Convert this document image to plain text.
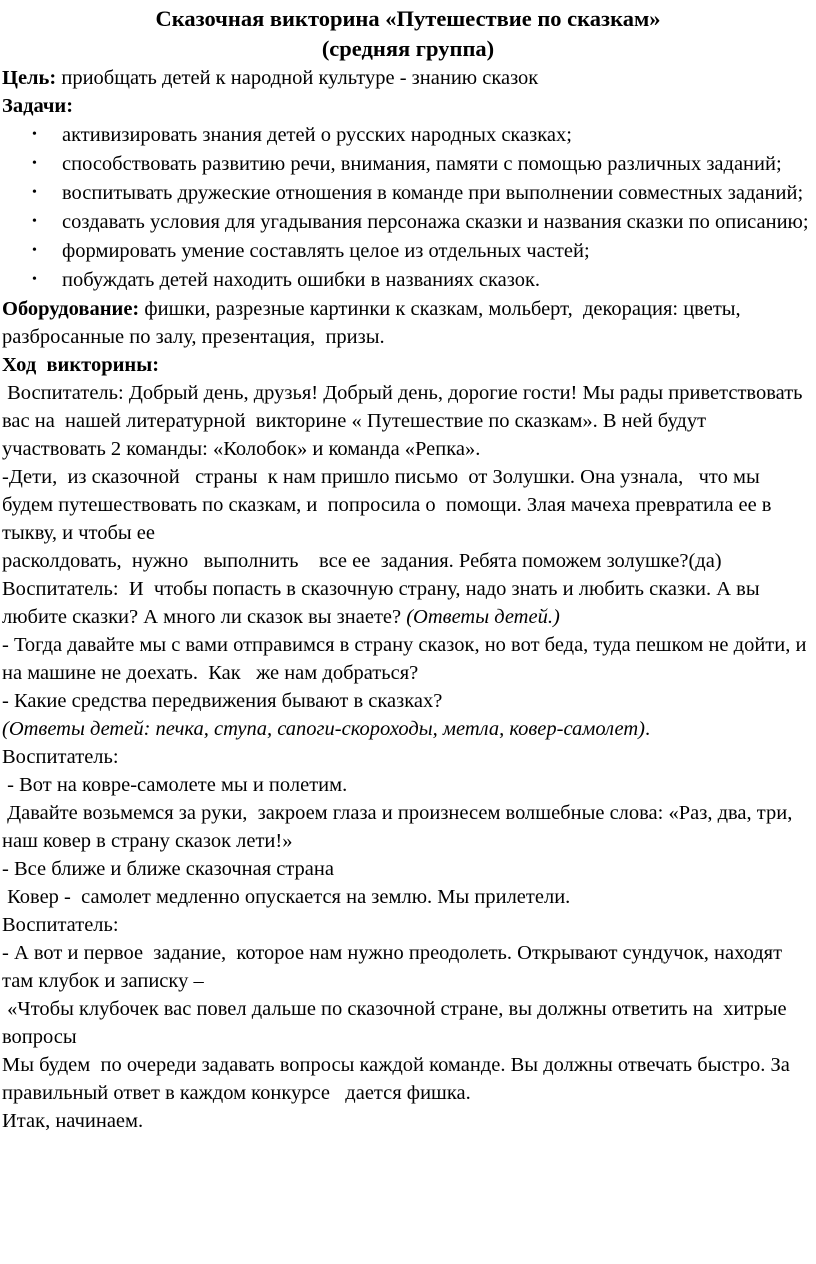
Сказочная викторина «Путешествие по сказкам»
(средняя группа)

Цель: приобщать детей к народной культуре - знанию сказок

Задачи:

• активизировать знания детей о русских народных сказках;
• способствовать развитию речи, внимания, памяти с помощью различных заданий;
• воспитывать дружеские отношения в команде при выполнении совместных заданий;
• создавать условия для угадывания персонажа сказки и названия сказки по описанию;
• формировать умение составлять целое из отдельных частей;
• побуждать детей находить ошибки в названиях сказок.

Оборудование: фишки, разрезные картинки к сказкам, мольберт,  декорация: цветы,  разбросанные по залу, презентация,  призы.

Ход  викторины:

Воспитатель: Добрый день, друзья! Добрый день, дорогие гости! Мы рады приветствовать вас на  нашей литературной  викторине « Путешествие по сказкам». В ней будут участвовать 2 команды: «Колобок» и команда «Репка».

-Дети,  из сказочной   страны  к нам пришло письмо  от Золушки. Она узнала,   что мы будем путешествовать по сказкам, и  попросила о  помощи. Злая мачеха превратила ее в тыкву, и чтобы ее

расколдовать,  нужно   выполнить    все ее  задания. Ребята поможем золушке?(да)

Воспитатель:  И  чтобы попасть в сказочную страну, надо знать и любить сказки. А вы любите сказки? А много ли сказок вы знаете? (Ответы детей.)

- Тогда давайте мы с вами отправимся в страну сказок, но вот беда, туда пешком не дойти, и на машине не доехать.  Как   же нам добраться?

- Какие средства передвижения бывают в сказках?

(Ответы детей: печка, ступа, сапоги-скороходы, метла, ковер-самолет).

Воспитатель:

- Вот на ковре-самолете мы и полетим.

Давайте возьмемся за руки,  закроем глаза и произнесем волшебные слова: «Раз, два, три, наш ковер в страну сказок лети!»

- Все ближе и ближе сказочная страна

Ковер -  самолет медленно опускается на землю. Мы прилетели.

Воспитатель:

- А вот и первое  задание,  которое нам нужно преодолеть. Открывают сундучок, находят там клубок и записку –

«Чтобы клубочек вас повел дальше по сказочной стране, вы должны ответить на  хитрые вопросы

Мы будем  по очереди задавать вопросы каждой команде. Вы должны отвечать быстро. За правильный ответ в каждом конкурсе   дается фишка.

Итак, начинаем.
